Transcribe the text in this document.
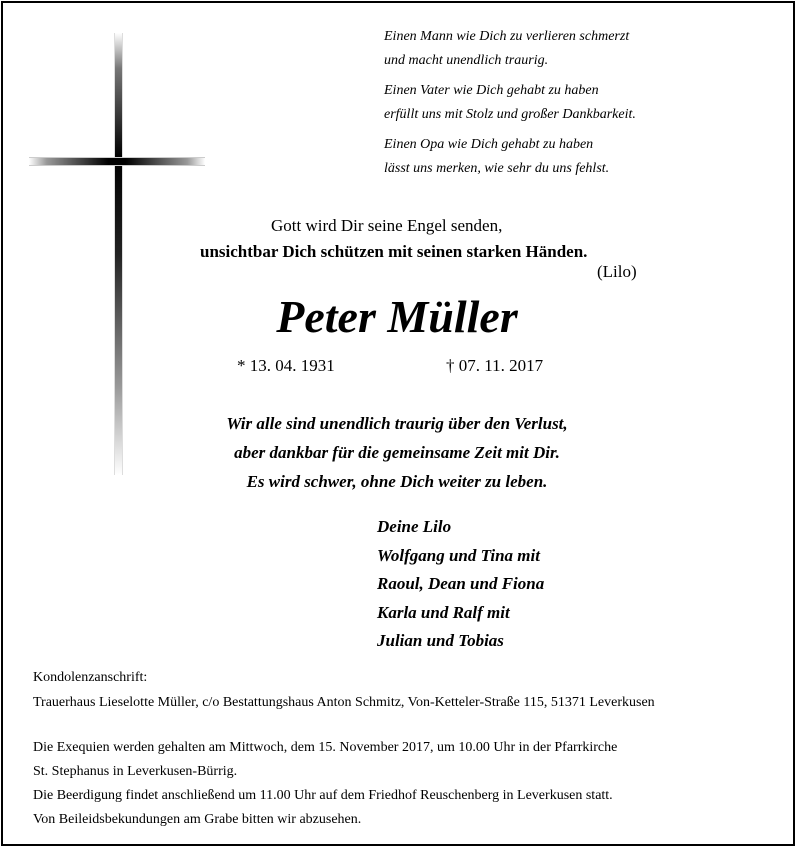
Einen Mann wie Dich zu verlieren schmerzt
und macht unendlich traurig.
Einen Vater wie Dich gehabt zu haben
erfüllt uns mit Stolz und großer Dankbarkeit.
Einen Opa wie Dich gehabt zu haben
lässt uns merken, wie sehr du uns fehlst.
Gott wird Dir seine Engel senden,
unsichtbar Dich schützen mit seinen starken Händen.
(Lilo)
Peter Müller
* 13. 04. 1931	† 07. 11. 2017
Wir alle sind unendlich traurig über den Verlust,
aber dankbar für die gemeinsame Zeit mit Dir.
Es wird schwer, ohne Dich weiter zu leben.
Deine Lilo
Wolfgang und Tina mit
Raoul, Dean und Fiona
Karla und Ralf mit
Julian und Tobias
Kondolenzanschrift:
Trauerhaus Lieselotte Müller, c/o Bestattungshaus Anton Schmitz, Von-Ketteler-Straße 115, 51371 Leverkusen
Die Exequien werden gehalten am Mittwoch, dem 15. November 2017, um 10.00 Uhr in der Pfarrkirche
St. Stephanus in Leverkusen-Bürrig.
Die Beerdigung findet anschließend um 11.00 Uhr auf dem Friedhof Reuschenberg in Leverkusen statt.
Von Beileidsbekundungen am Grabe bitten wir abzusehen.
